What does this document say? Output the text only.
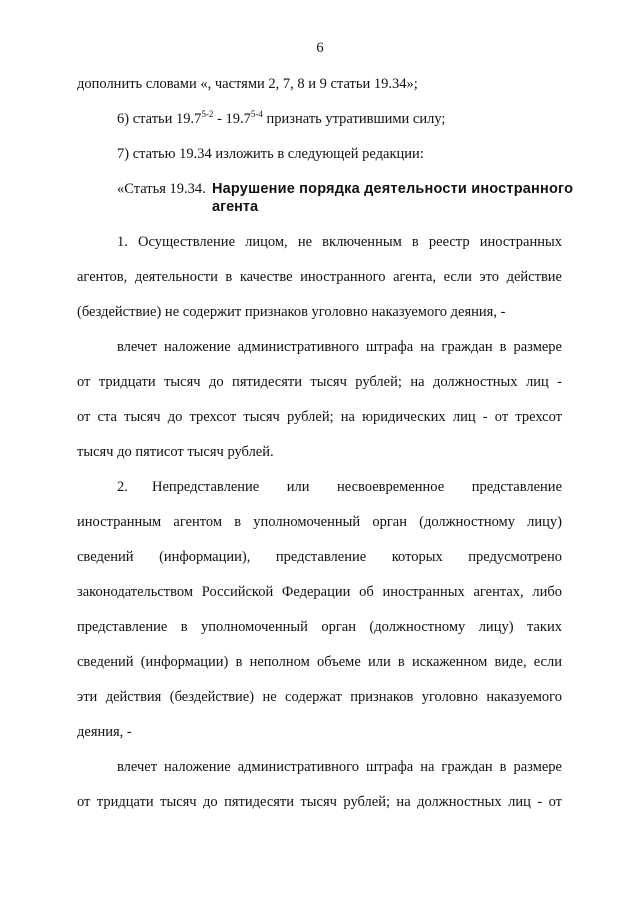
6
дополнить словами «, частями 2, 7, 8 и 9 статьи 19.34»;
6) статьи 19.7$^{5-2}$ - 19.7$^{5-4}$ признать утратившими силу;
7) статью 19.34 изложить в следующей редакции:
«Статья 19.34. Нарушение порядка деятельности иностранного
агента
1. Осуществление лицом, не включенным в реестр иностранных
агентов, деятельности в качестве иностранного агента, если это действие
(бездействие) не содержит признаков уголовно наказуемого деяния, -
влечет наложение административного штрафа на граждан в размере
от тридцати тысяч до пятидесяти тысяч рублей; на должностных лиц -
от ста тысяч до трехсот тысяч рублей; на юридических лиц - от трехсот
тысяч до пятисот тысяч рублей.
2.	Непредставление или несвоевременное представление
иностранным агентом в уполномоченный орган (должностному лицу)
сведений (информации), представление которых предусмотрено
законодательством Российской Федерации об иностранных агентах, либо
представление в уполномоченный орган (должностному лицу) таких
сведений (информации) в неполном объеме или в искаженном виде, если
эти действия (бездействие) не содержат признаков уголовно наказуемого
деяния, -
влечет наложение административного штрафа на граждан в размере
от тридцати тысяч до пятидесяти тысяч рублей; на должностных лиц - от
